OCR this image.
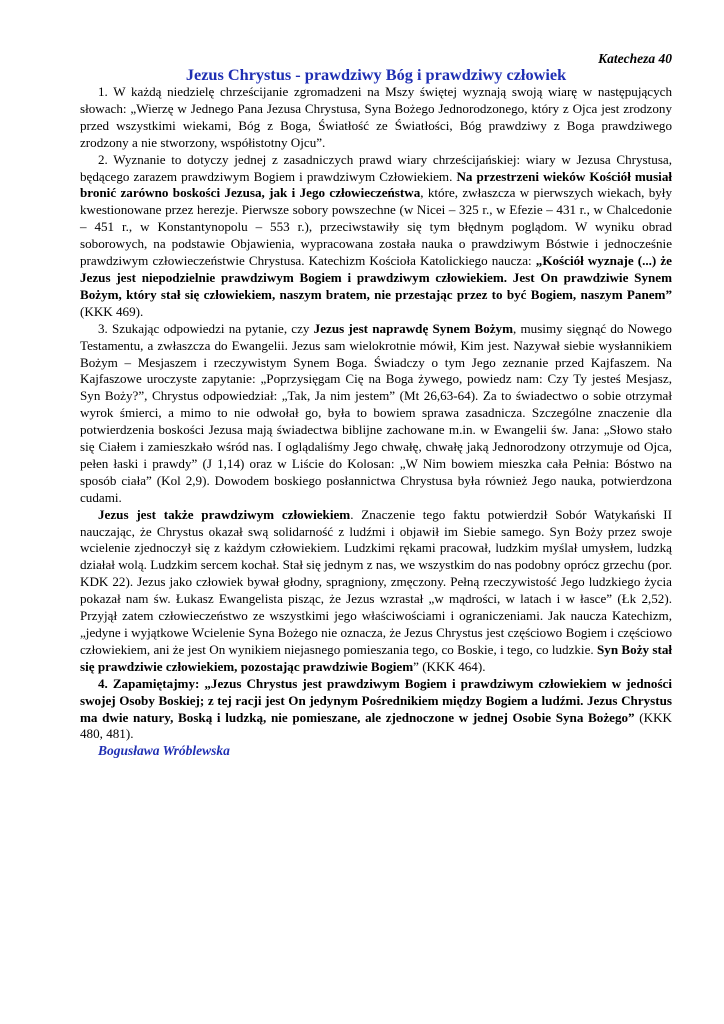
Katecheza 40
Jezus Chrystus - prawdziwy Bóg i prawdziwy człowiek

1. W każdą niedzielę chrześcijanie zgromadzeni na Mszy świętej wyznają swoją wiarę w następujących słowach: „Wierzę w Jednego Pana Jezusa Chrystusa, Syna Bożego Jednorodzonego, który z Ojca jest zrodzony przed wszystkimi wiekami, Bóg z Boga, Światłość ze Światłości, Bóg prawdziwy z Boga prawdziwego zrodzony a nie stworzony, współistotny Ojcu”.

2. Wyznanie to dotyczy jednej z zasadniczych prawd wiary chrześcijańskiej: wiary w Jezusa Chrystusa, będącego zarazem prawdziwym Bogiem i prawdziwym Człowiekiem. Na przestrzeni wieków Kościół musiał bronić zarówno boskości Jezusa, jak i Jego człowieczeństwa, które, zwłaszcza w pierwszych wiekach, były kwestionowane przez herezje. Pierwsze sobory powszechne (w Nicei – 325 r., w Efezie – 431 r., w Chalcedonie – 451 r., w Konstantynopolu – 553 r.), przeciwstawiły się tym błędnym poglądom. W wyniku obrad soborowych, na podstawie Objawienia, wypracowana została nauka o prawdziwym Bóstwie i jednocześnie prawdziwym człowieczeństwie Chrystusa. Katechizm Kościoła Katolickiego naucza: „Kościół wyznaje (...) że Jezus jest niepodzielnie prawdziwym Bogiem i prawdziwym człowiekiem. Jest On prawdziwie Synem Bożym, który stał się człowiekiem, naszym bratem, nie przestając przez to być Bogiem, naszym Panem” (KKK 469).

3. Szukając odpowiedzi na pytanie, czy Jezus jest naprawdę Synem Bożym, musimy sięgnąć do Nowego Testamentu, a zwłaszcza do Ewangelii. Jezus sam wielokrotnie mówił, Kim jest. Nazywał siebie wysłannikiem Bożym – Mesjaszem i rzeczywistym Synem Boga. Świadczy o tym Jego zeznanie przed Kajfaszem. Na Kajfaszowe uroczyste zapytanie: „Poprzysięgam Cię na Boga żywego, powiedz nam: Czy Ty jesteś Mesjasz, Syn Boży?”, Chrystus odpowiedział: „Tak, Ja nim jestem” (Mt 26,63-64). Za to świadectwo o sobie otrzymał wyrok śmierci, a mimo to nie odwołał go, była to bowiem sprawa zasadnicza. Szczególne znaczenie dla potwierdzenia boskości Jezusa mają świadectwa biblijne zachowane m.in. w Ewangelii św. Jana: „Słowo stało się Ciałem i zamieszkało wśród nas. I oglądaliśmy Jego chwałę, chwałę jaką Jednorodzony otrzymuje od Ojca, pełen łaski i prawdy” (J 1,14) oraz w Liście do Kolosan: „W Nim bowiem mieszka cała Pełnia: Bóstwo na sposób ciała” (Kol 2,9). Dowodem boskiego posłannictwa Chrystusa była również Jego nauka, potwierdzona cudami.

Jezus jest także prawdziwym człowiekiem. Znaczenie tego faktu potwierdził Sobór Watykański II nauczając, że Chrystus okazał swą solidarność z ludźmi i objawił im Siebie samego. Syn Boży przez swoje wcielenie zjednoczył się z każdym człowiekiem. Ludzkimi rękami pracował, ludzkim myślał umysłem, ludzką działał wolą. Ludzkim sercem kochał. Stał się jednym z nas, we wszystkim do nas podobny oprócz grzechu (por. KDK 22). Jezus jako człowiek bywał głodny, spragniony, zmęczony. Pełną rzeczywistość Jego ludzkiego życia pokazał nam św. Łukasz Ewangelista pisząc, że Jezus wzrastał „w mądrości, w latach i w łasce” (Łk 2,52). Przyjął zatem człowieczeństwo ze wszystkimi jego właściwościami i ograniczeniami. Jak naucza Katechizm, „jedyne i wyjątkowe Wcielenie Syna Bożego nie oznacza, że Jezus Chrystus jest częściowo Bogiem i częściowo człowiekiem, ani że jest On wynikiem niejasnego pomieszania tego, co Boskie, i tego, co ludzkie. Syn Boży stał się prawdziwie człowiekiem, pozostając prawdziwie Bogiem” (KKK 464).

4. Zapamiętajmy: „Jezus Chrystus jest prawdziwym Bogiem i prawdziwym człowiekiem w jedności swojej Osoby Boskiej; z tej racji jest On jedynym Pośrednikiem między Bogiem a ludźmi. Jezus Chrystus ma dwie natury, Boską i ludzką, nie pomieszane, ale zjednoczone w jednej Osobie Syna Bożego” (KKK 480, 481).

Bogusława Wróblewska
